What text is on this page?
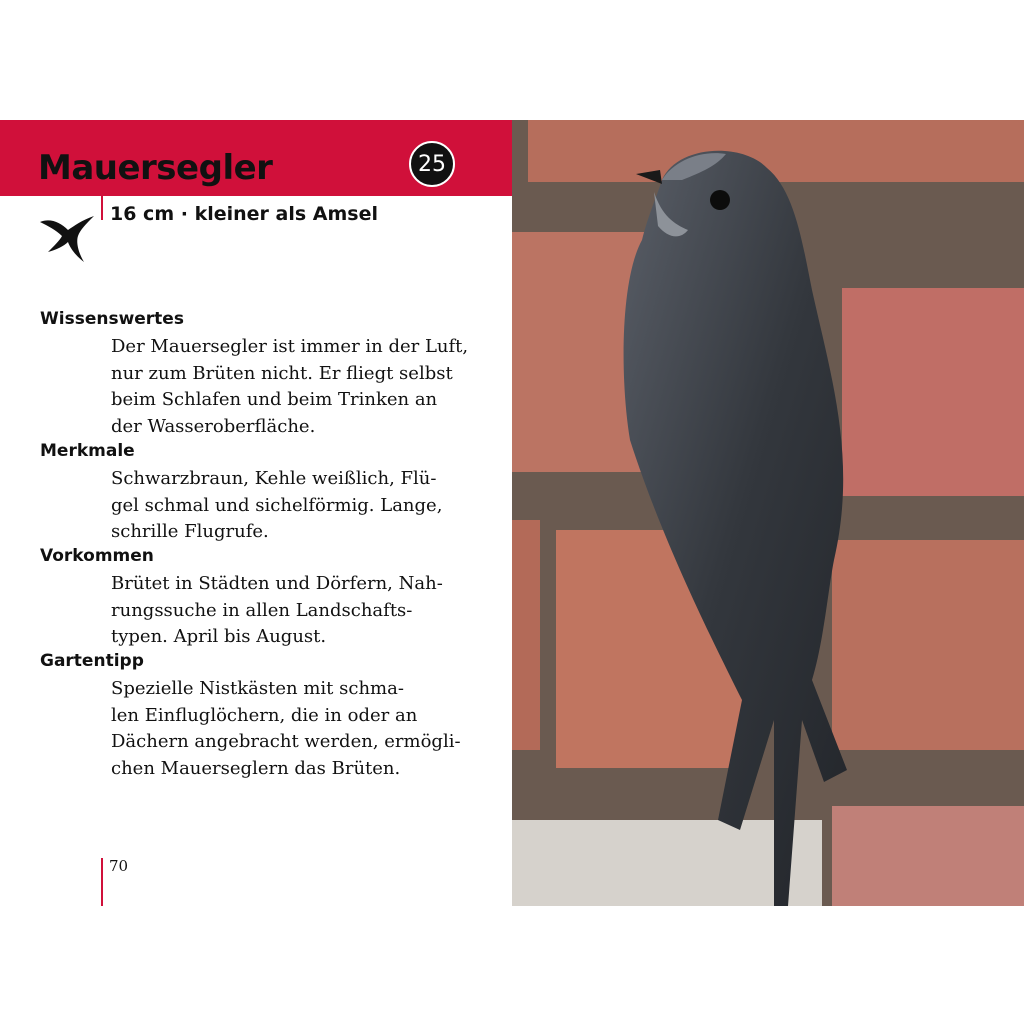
Mauersegler	25
16 cm · kleiner als Amsel
Wissenswertes
Der Mauersegler ist immer in der Luft,
nur zum Brüten nicht. Er fliegt selbst
beim Schlafen und beim Trinken an
der Wasseroberfläche.
Merkmale
Schwarzbraun, Kehle weißlich, Flü-
gel schmal und sichelförmig. Lange,
schrille Flugrufe.
Vorkommen
Brütet in Städten und Dörfern, Nah-
rungssuche in allen Landschafts-
typen. April bis August.
Gartentipp
Spezielle Nistkästen mit schma-
len Einfluglöchern, die in oder an
Dächern angebracht werden, ermögli-
chen Mauerseglern das Brüten.
70
